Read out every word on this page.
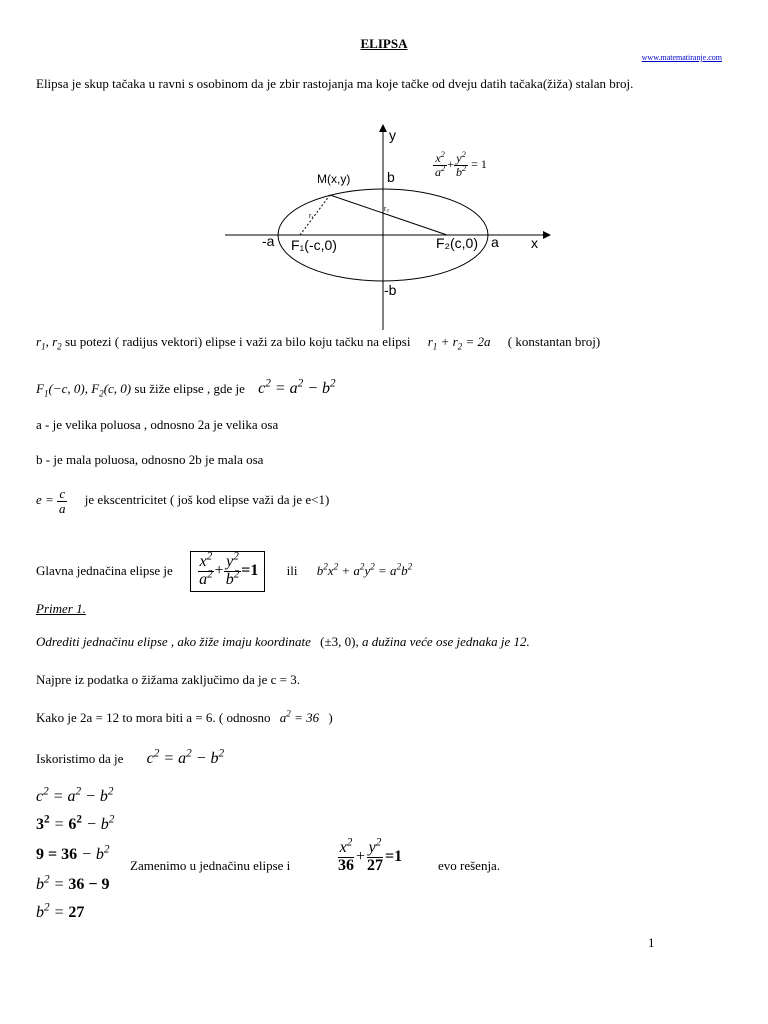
ELIPSA
www.matematiranje.com
Elipsa je skup tačaka u ravni s osobinom da je zbir rastojanja ma koje tačke od dveju datih tačaka(žiža) stalan broj.
y
x
b
-b
a
-a
M(x,y)
F₁(-c,0)	F₂(c,0)
r₁
r₂
$\frac{x^2}{a^2} + \frac{y^2}{b^2} = 1$
$r_1$, $r_2$ su potezi ( radijus vektori) elipse i važi za bilo koju tačku na elipsi $r_1 + r_2 = 2a$ ( konstantan broj)
$F_1(-c$, 0), $F_2(c$, 0) su žiže elipse , gde je $c^2 = a^2 - b^2$
a - je velika poluosa , odnosno 2a je velika osa
b - je mala poluosa, odnosno 2b je mala osa
$e = \frac{c}{a}$ je ekscentricitet ( još kod elipse važi da je e<1)
Glavna jednačina elipse je $\frac{x^2}{a^2} + \frac{y^2}{b^2} =1$ ili $b^2x^2 + a^2y^2 = a^2b^2$
Primer 1.
Odrediti jednačinu elipse , ako žiže imaju koordinate (±3, 0), a dužina veće ose jednaka je 12.
Najpre iz podatka o žižama zaključimo da je c = 3.
Kako je 2a = 12 to mora biti a = 6. ( odnosno $a^2 = 36$ )
Iskoristimo da je $c^2 = a^2 - b^2$
$c^2 = a^2 - b^2$
$3^2 = 6^2 - b^2$
$9 = 36 - b^2$
$b^2 = 36 - 9$
$b^2 = 27$
Zamenimo u jednačinu elipse i	$\frac{x^2}{36} + \frac{y^2}{27} =1$
evo rešenja.
1
